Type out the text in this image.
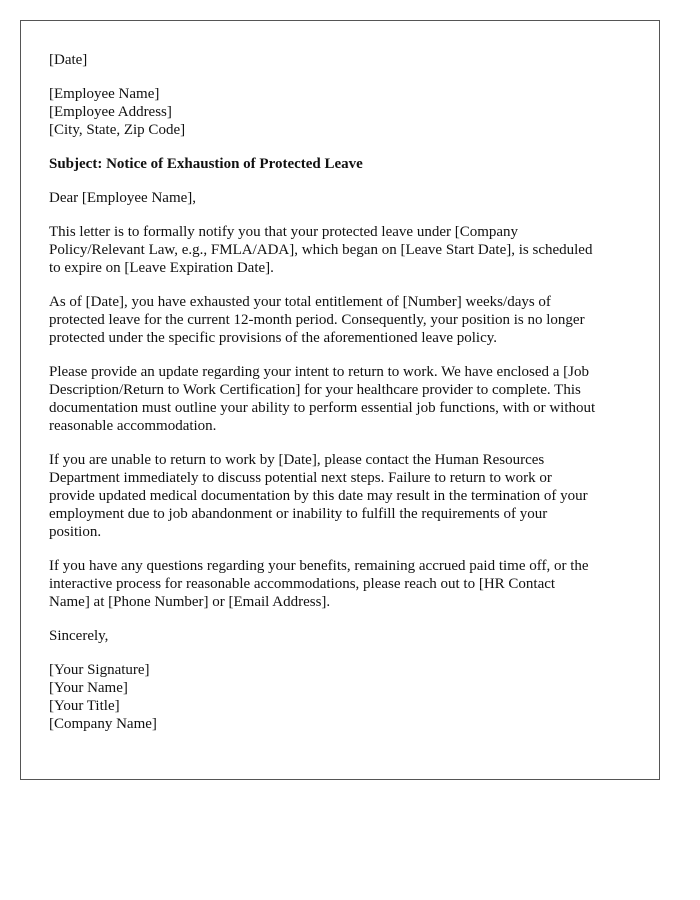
[Date]
[Employee Name]
[Employee Address]
[City, State, Zip Code]
Subject: Notice of Exhaustion of Protected Leave
Dear [Employee Name],
This letter is to formally notify you that your protected leave under [Company
Policy/Relevant Law, e.g., FMLA/ADA], which began on [Leave Start Date], is scheduled
to expire on [Leave Expiration Date].
As of [Date], you have exhausted your total entitlement of [Number] weeks/days of
protected leave for the current 12-month period. Consequently, your position is no longer
protected under the specific provisions of the aforementioned leave policy.
Please provide an update regarding your intent to return to work. We have enclosed a [Job
Description/Return to Work Certification] for your healthcare provider to complete. This
documentation must outline your ability to perform essential job functions, with or without
reasonable accommodation.
If you are unable to return to work by [Date], please contact the Human Resources
Department immediately to discuss potential next steps. Failure to return to work or
provide updated medical documentation by this date may result in the termination of your
employment due to job abandonment or inability to fulfill the requirements of your
position.
If you have any questions regarding your benefits, remaining accrued paid time off, or the
interactive process for reasonable accommodations, please reach out to [HR Contact
Name] at [Phone Number] or [Email Address].
Sincerely,
[Your Signature]
[Your Name]
[Your Title]
[Company Name]
